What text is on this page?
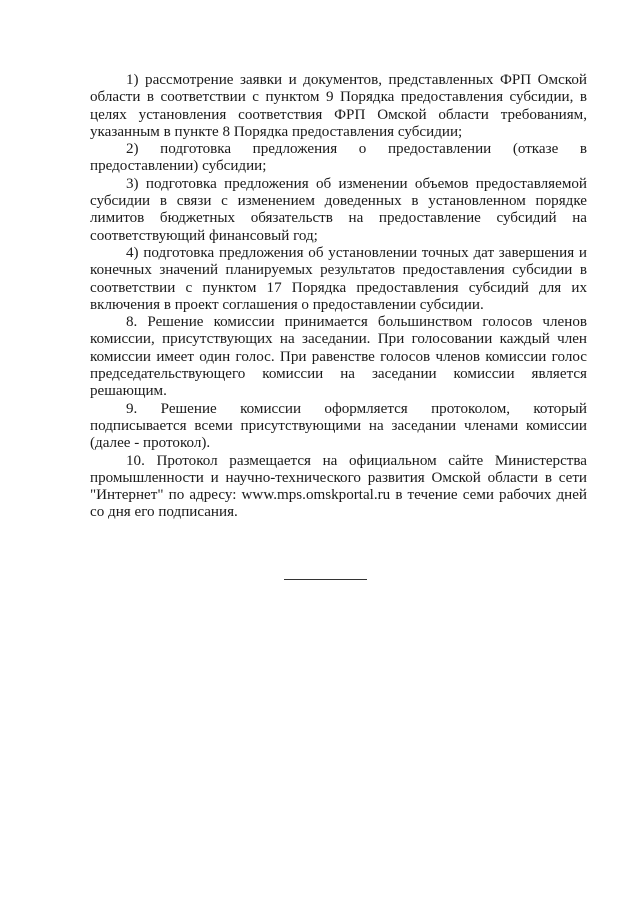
1) рассмотрение заявки и документов, представленных ФРП Омской области в соответствии с пунктом 9 Порядка предоставления субсидии, в целях установления соответствия ФРП Омской области требованиям, указанным в пункте 8 Порядка предоставления субсидии;

2) подготовка предложения о предоставлении (отказе в предоставлении) субсидии;

3) подготовка предложения об изменении объемов предоставляемой субсидии в связи с изменением доведенных в установленном порядке лимитов бюджетных обязательств на предоставление субсидий на соответствующий финансовый год;

4) подготовка предложения об установлении точных дат завершения и конечных значений планируемых результатов предоставления субсидии в соответствии с пунктом 17 Порядка предоставления субсидий для их включения в проект соглашения о предоставлении субсидии.

8. Решение комиссии принимается большинством голосов членов комиссии, присутствующих на заседании. При голосовании каждый член комиссии имеет один голос. При равенстве голосов членов комиссии голос председательствующего комиссии на заседании комиссии является решающим.

9. Решение комиссии оформляется протоколом, который подписывается всеми присутствующими на заседании членами комиссии (далее - протокол).

10. Протокол размещается на официальном сайте Министерства промышленности и научно-технического развития Омской области в сети "Интернет" по адресу: www.mps.omskportal.ru в течение семи рабочих дней со дня его подписания.
